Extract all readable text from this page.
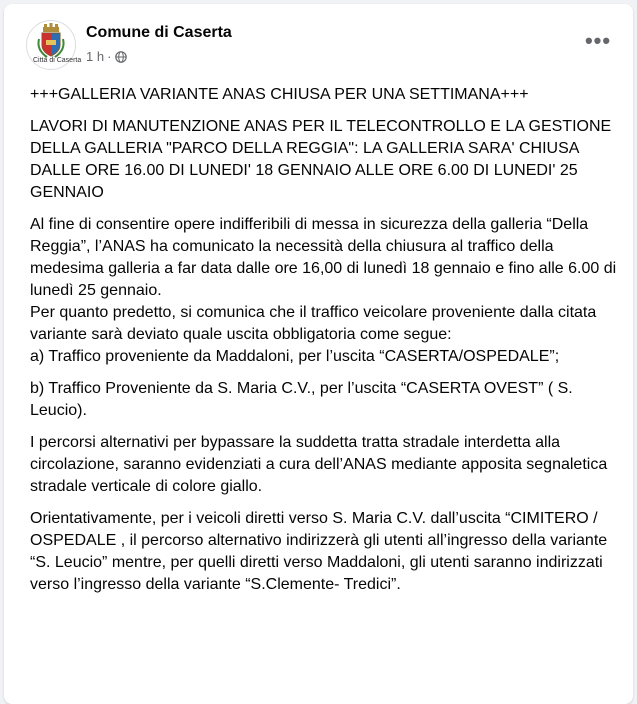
Città di Caserta
Comune di Caserta
1 h ·
•••

+++GALLERIA VARIANTE ANAS CHIUSA PER UNA SETTIMANA+++

LAVORI DI MANUTENZIONE ANAS PER IL TELECONTROLLO E LA GESTIONE DELLA GALLERIA "PARCO DELLA REGGIA": LA GALLERIA SARA' CHIUSA DALLE ORE 16.00 DI LUNEDI' 18 GENNAIO ALLE ORE 6.00 DI LUNEDI' 25 GENNAIO

Al fine di consentire opere indifferibili di messa in sicurezza della galleria “Della Reggia”, l’ANAS ha comunicato la necessità della chiusura al traffico della medesima galleria a far data dalle ore 16,00 di lunedì 18 gennaio e fino alle 6.00 di lunedì 25 gennaio.
Per quanto predetto, si comunica che il traffico veicolare proveniente dalla citata variante sarà deviato quale uscita obbligatoria come segue:
a) Traffico proveniente da Maddaloni, per l’uscita “CASERTA/OSPEDALE”;

b) Traffico Proveniente da S. Maria C.V., per l’uscita “CASERTA OVEST” ( S. Leucio).

I percorsi alternativi per bypassare la suddetta tratta stradale interdetta alla circolazione, saranno evidenziati a cura dell’ANAS mediante apposita segnaletica stradale verticale di colore giallo.

Orientativamente, per i veicoli diretti verso S. Maria C.V. dall’uscita “CIMITERO / OSPEDALE , il percorso alternativo indirizzerà gli utenti all’ingresso della variante “S. Leucio” mentre, per quelli diretti verso Maddaloni, gli utenti saranno indirizzati verso l’ingresso della variante “S.Clemente- Tredici”.
